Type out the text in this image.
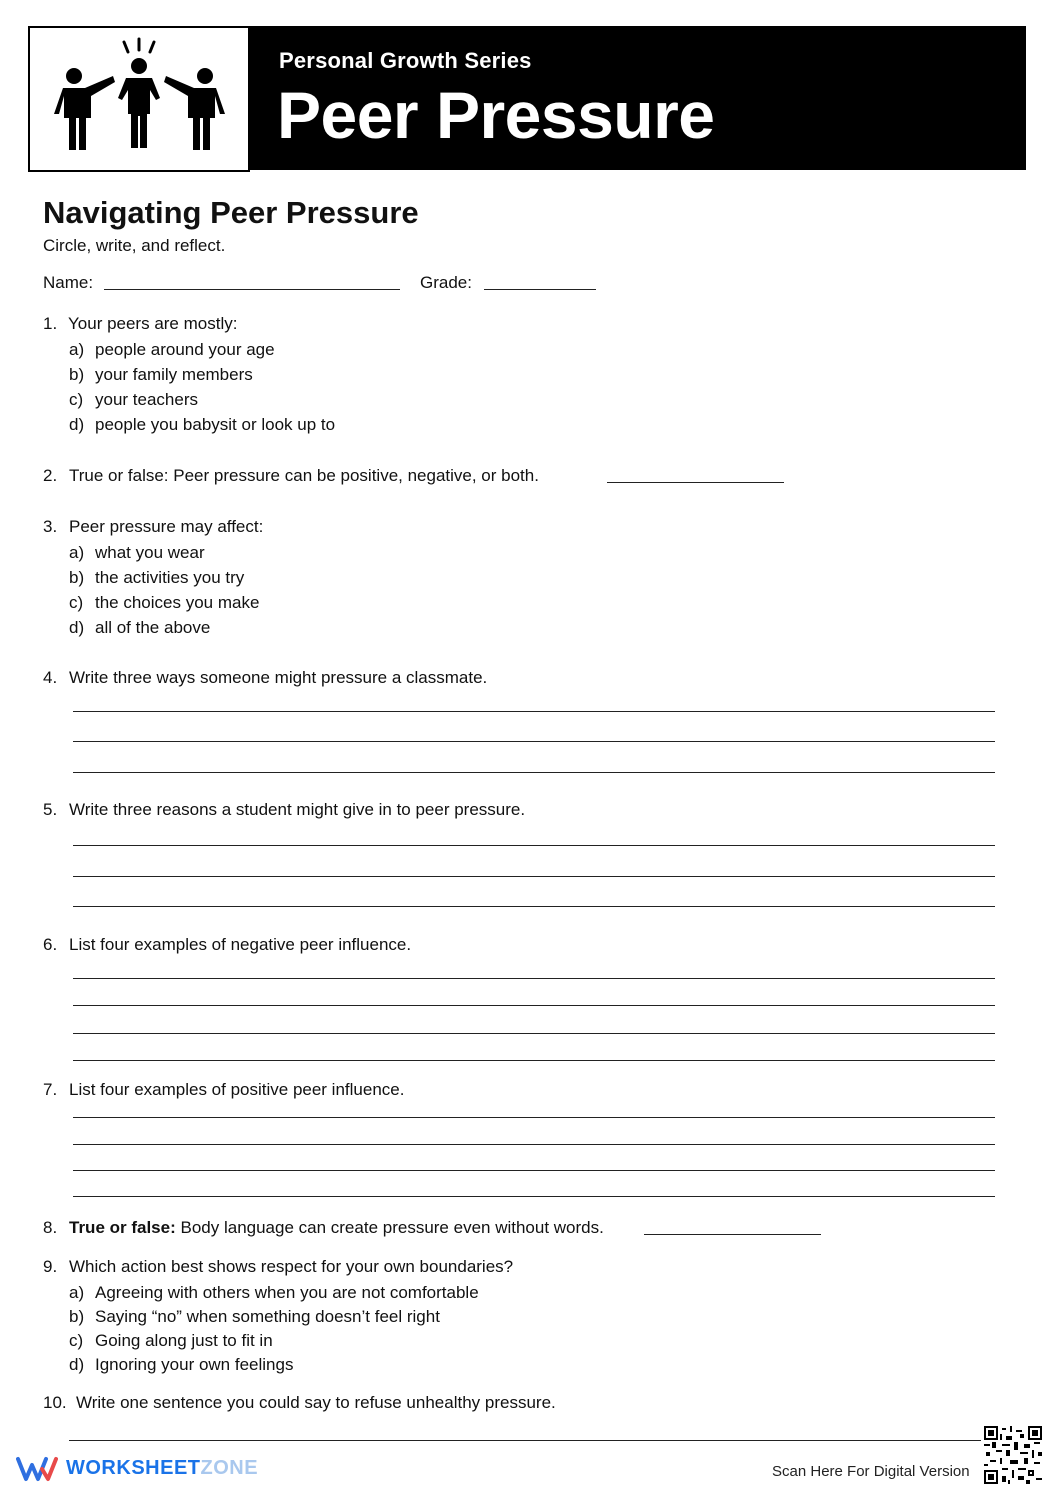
Personal Growth Series
Peer Pressure
Navigating Peer Pressure
Circle, write, and reflect.
Name:	Grade:
1. Your peers are mostly:
a) people around your age
b) your family members
c) your teachers
d) people you babysit or look up to
2. True or false: Peer pressure can be positive, negative, or both.
3. Peer pressure may affect:
a) what you wear
b) the activities you try
c) the choices you make
d) all of the above
4. Write three ways someone might pressure a classmate.
5. Write three reasons a student might give in to peer pressure.
6. List four examples of negative peer influence.
7. List four examples of positive peer influence.
8. True or false: Body language can create pressure even without words.
9. Which action best shows respect for your own boundaries?
a) Agreeing with others when you are not comfortable
b) Saying “no” when something doesn’t feel right
c) Going along just to fit in
d) Ignoring your own feelings
10. Write one sentence you could say to refuse unhealthy pressure.
WORKSHEETZONE	Scan Here For Digital Version
